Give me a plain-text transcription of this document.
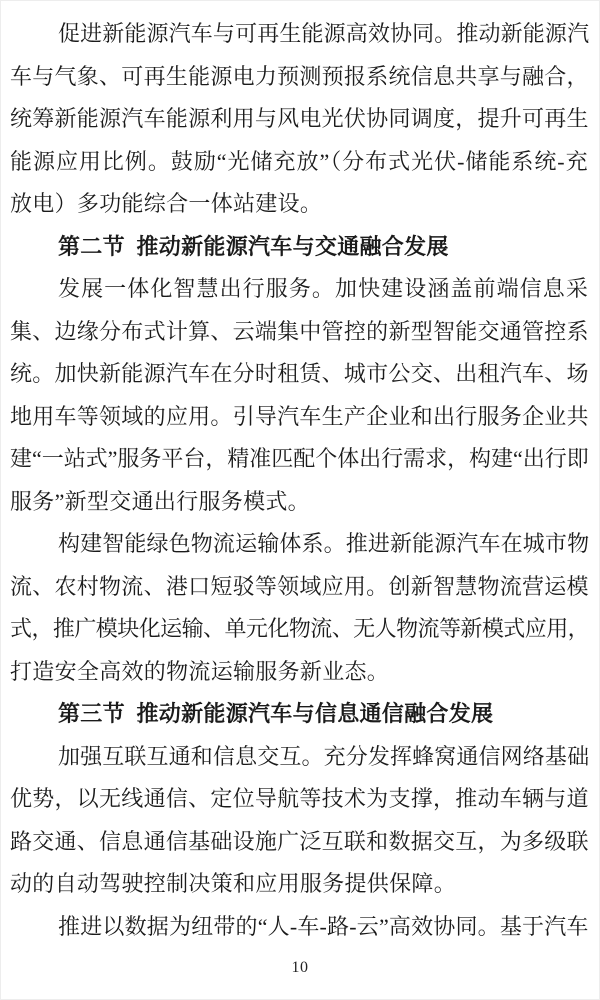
促进新能源汽车与可再生能源高效协同。推动新能源汽
车与气象、可再生能源电力预测预报系统信息共享与融合，
统筹新能源汽车能源利用与风电光伏协同调度，提升可再生
能源应用比例。鼓励“光储充放”（分布式光伏-储能系统-充
放电）多功能综合一体站建设。
第二节  推动新能源汽车与交通融合发展
发展一体化智慧出行服务。加快建设涵盖前端信息采
集、边缘分布式计算、云端集中管控的新型智能交通管控系
统。加快新能源汽车在分时租赁、城市公交、出租汽车、场
地用车等领域的应用。引导汽车生产企业和出行服务企业共
建“一站式”服务平台，精准匹配个体出行需求，构建“出行即
服务”新型交通出行服务模式。
构建智能绿色物流运输体系。推进新能源汽车在城市物
流、农村物流、港口短驳等领域应用。创新智慧物流营运模
式，推广模块化运输、单元化物流、无人物流等新模式应用，
打造安全高效的物流运输服务新业态。
第三节  推动新能源汽车与信息通信融合发展
加强互联互通和信息交互。充分发挥蜂窝通信网络基础
优势，以无线通信、定位导航等技术为支撑，推动车辆与道
路交通、信息通信基础设施广泛互联和数据交互，为多级联
动的自动驾驶控制决策和应用服务提供保障。
推进以数据为纽带的“人-车-路-云”高效协同。基于汽车
10
